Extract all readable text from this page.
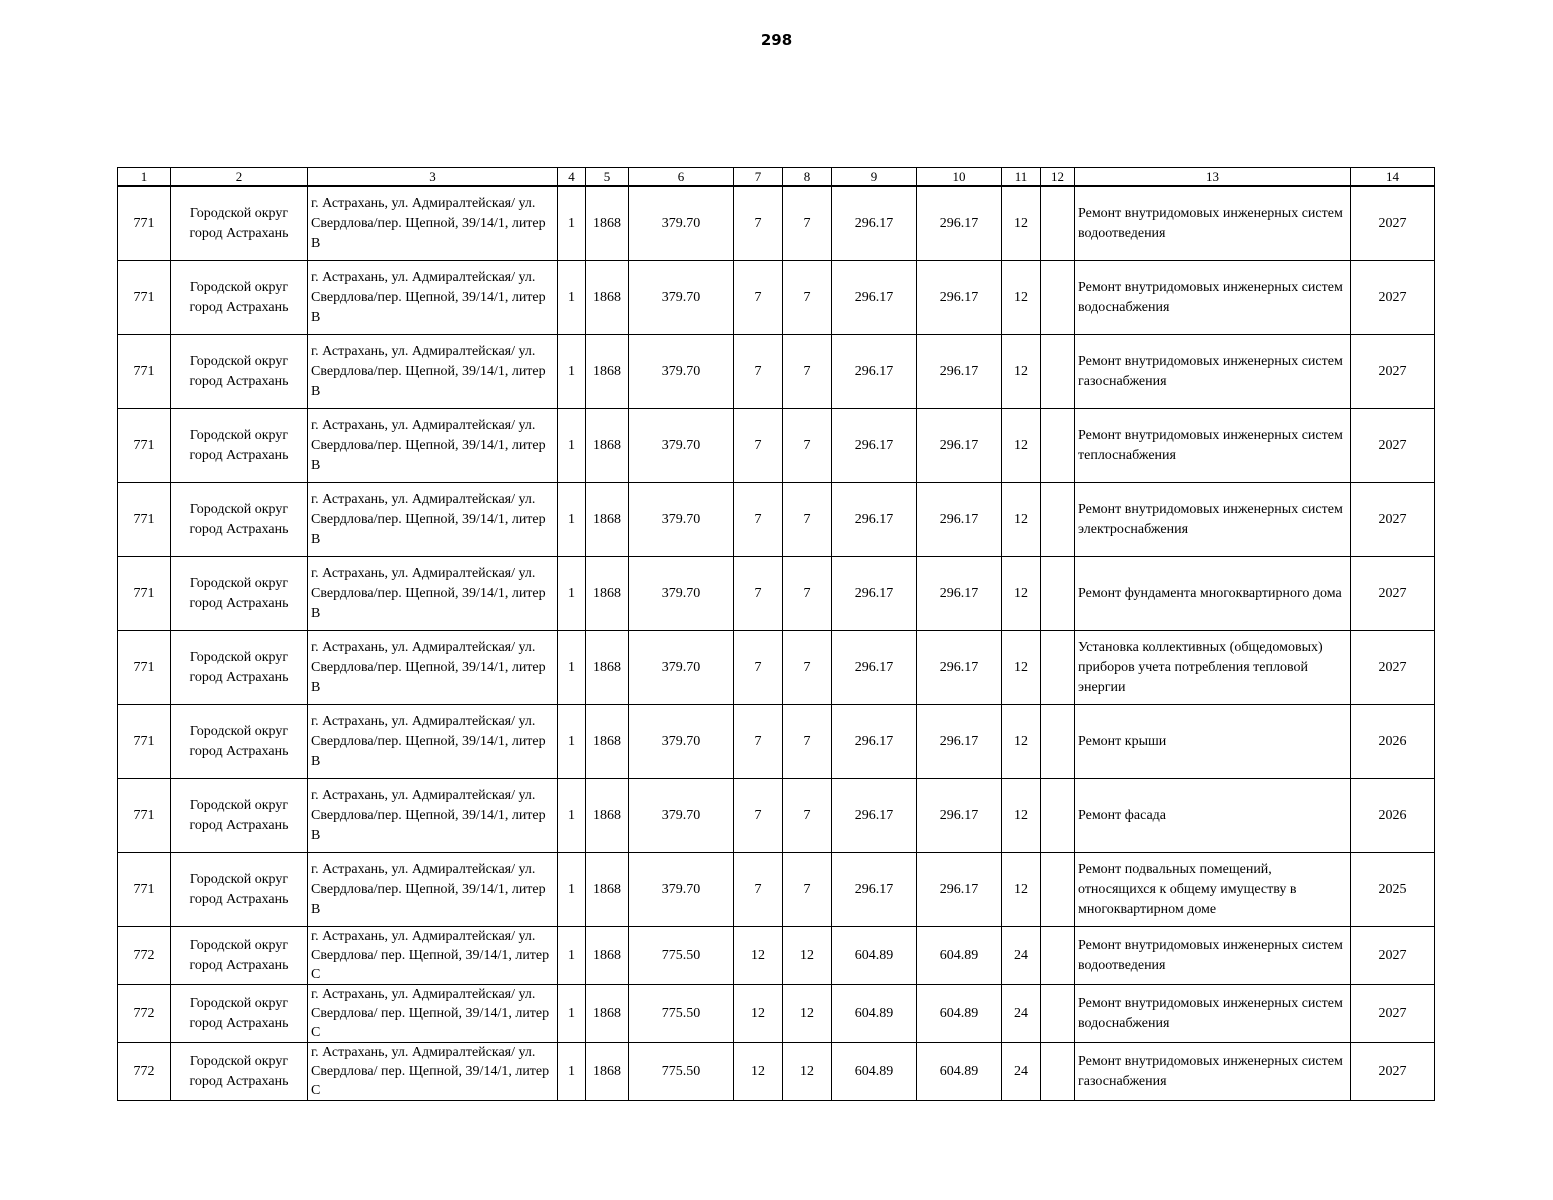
298
1	2	3	4	5	6	7	8	9	10	11	12	13	14
771	Городской округ город Астрахань	г. Астрахань, ул. Адмиралтейская/ ул. Свердлова/пер. Щепной, 39/14/1, литер В	1	1868	379.70	7	7	296.17	296.17	12		Ремонт внутридомовых инженерных систем водоотведения	2027
771	Городской округ город Астрахань	г. Астрахань, ул. Адмиралтейская/ ул. Свердлова/пер. Щепной, 39/14/1, литер В	1	1868	379.70	7	7	296.17	296.17	12		Ремонт внутридомовых инженерных систем водоснабжения	2027
771	Городской округ город Астрахань	г. Астрахань, ул. Адмиралтейская/ ул. Свердлова/пер. Щепной, 39/14/1, литер В	1	1868	379.70	7	7	296.17	296.17	12		Ремонт внутридомовых инженерных систем газоснабжения	2027
771	Городской округ город Астрахань	г. Астрахань, ул. Адмиралтейская/ ул. Свердлова/пер. Щепной, 39/14/1, литер В	1	1868	379.70	7	7	296.17	296.17	12		Ремонт внутридомовых инженерных систем теплоснабжения	2027
771	Городской округ город Астрахань	г. Астрахань, ул. Адмиралтейская/ ул. Свердлова/пер. Щепной, 39/14/1, литер В	1	1868	379.70	7	7	296.17	296.17	12		Ремонт внутридомовых инженерных систем электроснабжения	2027
771	Городской округ город Астрахань	г. Астрахань, ул. Адмиралтейская/ ул. Свердлова/пер. Щепной, 39/14/1, литер В	1	1868	379.70	7	7	296.17	296.17	12		Ремонт фундамента многоквартирного дома	2027
771	Городской округ город Астрахань	г. Астрахань, ул. Адмиралтейская/ ул. Свердлова/пер. Щепной, 39/14/1, литер В	1	1868	379.70	7	7	296.17	296.17	12		Установка коллективных (общедомовых) приборов учета потребления тепловой энергии	2027
771	Городской округ город Астрахань	г. Астрахань, ул. Адмиралтейская/ ул. Свердлова/пер. Щепной, 39/14/1, литер В	1	1868	379.70	7	7	296.17	296.17	12		Ремонт крыши	2026
771	Городской округ город Астрахань	г. Астрахань, ул. Адмиралтейская/ ул. Свердлова/пер. Щепной, 39/14/1, литер В	1	1868	379.70	7	7	296.17	296.17	12		Ремонт фасада	2026
771	Городской округ город Астрахань	г. Астрахань, ул. Адмиралтейская/ ул. Свердлова/пер. Щепной, 39/14/1, литер В	1	1868	379.70	7	7	296.17	296.17	12		Ремонт подвальных помещений, относящихся к общему имуществу в многоквартирном доме	2025
772	Городской округ город Астрахань	г. Астрахань, ул. Адмиралтейская/ ул. Свердлова/ пер. Щепной, 39/14/1, литер С	1	1868	775.50	12	12	604.89	604.89	24		Ремонт внутридомовых инженерных систем водоотведения	2027
772	Городской округ город Астрахань	г. Астрахань, ул. Адмиралтейская/ ул. Свердлова/ пер. Щепной, 39/14/1, литер С	1	1868	775.50	12	12	604.89	604.89	24		Ремонт внутридомовых инженерных систем водоснабжения	2027
772	Городской округ город Астрахань	г. Астрахань, ул. Адмиралтейская/ ул. Свердлова/ пер. Щепной, 39/14/1, литер С	1	1868	775.50	12	12	604.89	604.89	24		Ремонт внутридомовых инженерных систем газоснабжения	2027
